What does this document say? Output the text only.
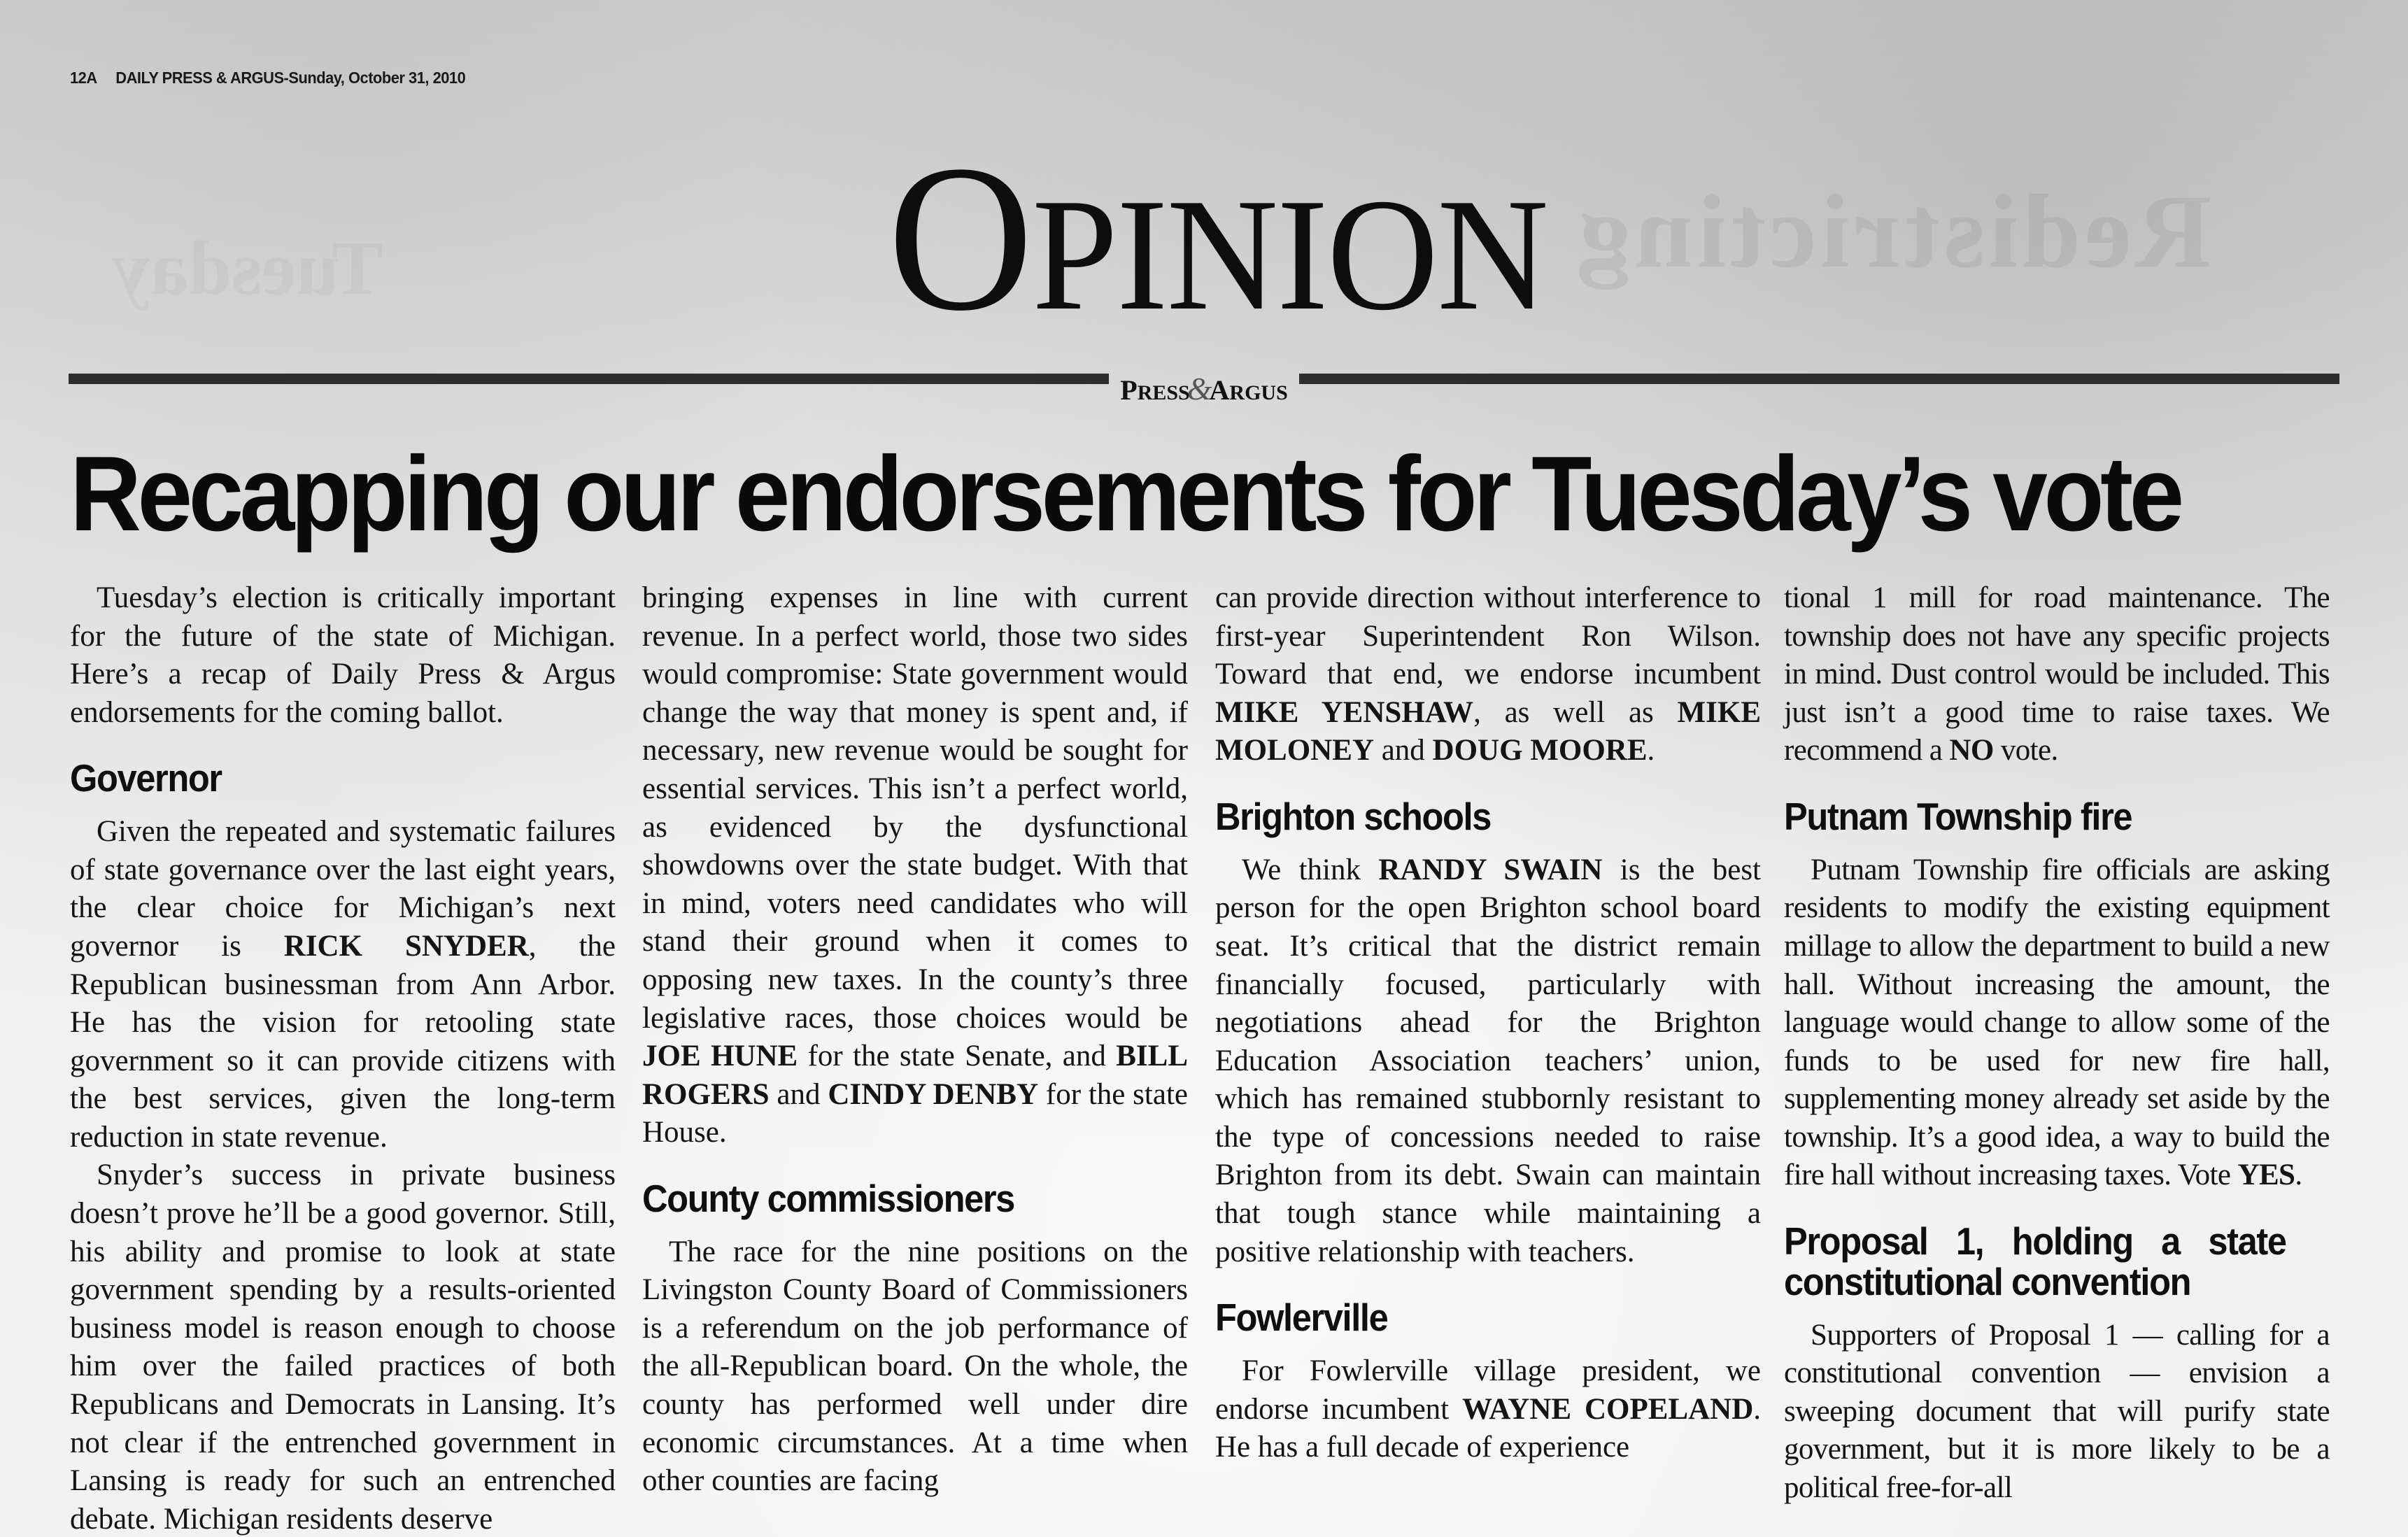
Redistricting
Tuesday
12A DAILY PRESS & ARGUS-Sunday, October 31, 2010
OPINION
PRESS&ARGUS
Recapping our endorsements for Tuesday’s vote

Tuesday’s election is critically important for the future of the state of Michigan. Here’s a recap of Daily Press & Argus endorsements for the coming ballot.

Governor

Given the repeated and systematic failures of state governance over the last eight years, the clear choice for Michigan’s next governor is RICK SNYDER, the Republican businessman from Ann Arbor. He has the vision for retooling state government so it can provide citizens with the best services, given the long-term reduction in state revenue.

Snyder’s success in private business doesn’t prove he’ll be a good governor. Still, his ability and promise to look at state government spending by a results-oriented business model is reason enough to choose him over the failed practices of both Republicans and Democrats in Lansing. It’s not clear if the entrenched government in Lansing is ready for such an entrenched debate. Michigan residents deserve

bringing expenses in line with current revenue. In a perfect world, those two sides would compromise: State government would change the way that money is spent and, if necessary, new revenue would be sought for essential services. This isn’t a perfect world, as evidenced by the dysfunctional showdowns over the state budget. With that in mind, voters need candidates who will stand their ground when it comes to opposing new taxes. In the county’s three legislative races, those choices would be JOE HUNE for the state Senate, and BILL ROGERS and CINDY DENBY for the state House.

County commissioners

The race for the nine positions on the Livingston County Board of Commissioners is a referendum on the job performance of the all-Republican board. On the whole, the county has performed well under dire economic circumstances. At a time when other counties are facing

can provide direction without interference to first-year Superintendent Ron Wilson. Toward that end, we endorse incumbent MIKE YENSHAW, as well as MIKE MOLONEY and DOUG MOORE.

Brighton schools

We think RANDY SWAIN is the best person for the open Brighton school board seat. It’s critical that the district remain financially focused, particularly with negotiations ahead for the Brighton Education Association teachers’ union, which has remained stubbornly resistant to the type of concessions needed to raise Brighton from its debt. Swain can maintain that tough stance while maintaining a positive relationship with teachers.

Fowlerville

For Fowlerville village president, we endorse incumbent WAYNE COPELAND. He has a full decade of experience

tional 1 mill for road maintenance. The township does not have any specific projects in mind. Dust control would be included. This just isn’t a good time to raise taxes. We recommend a NO vote.

Putnam Township fire

Putnam Township fire officials are asking residents to modify the existing equipment millage to allow the department to build a new hall. Without increasing the amount, the language would change to allow some of the funds to be used for new fire hall, supplementing money already set aside by the township. It’s a good idea, a way to build the fire hall without increasing taxes. Vote YES.

Proposal 1, holding a state constitutional convention

Supporters of Proposal 1 — calling for a constitutional convention — envision a sweeping document that will purify state government, but it is more likely to be a political free-for-all
